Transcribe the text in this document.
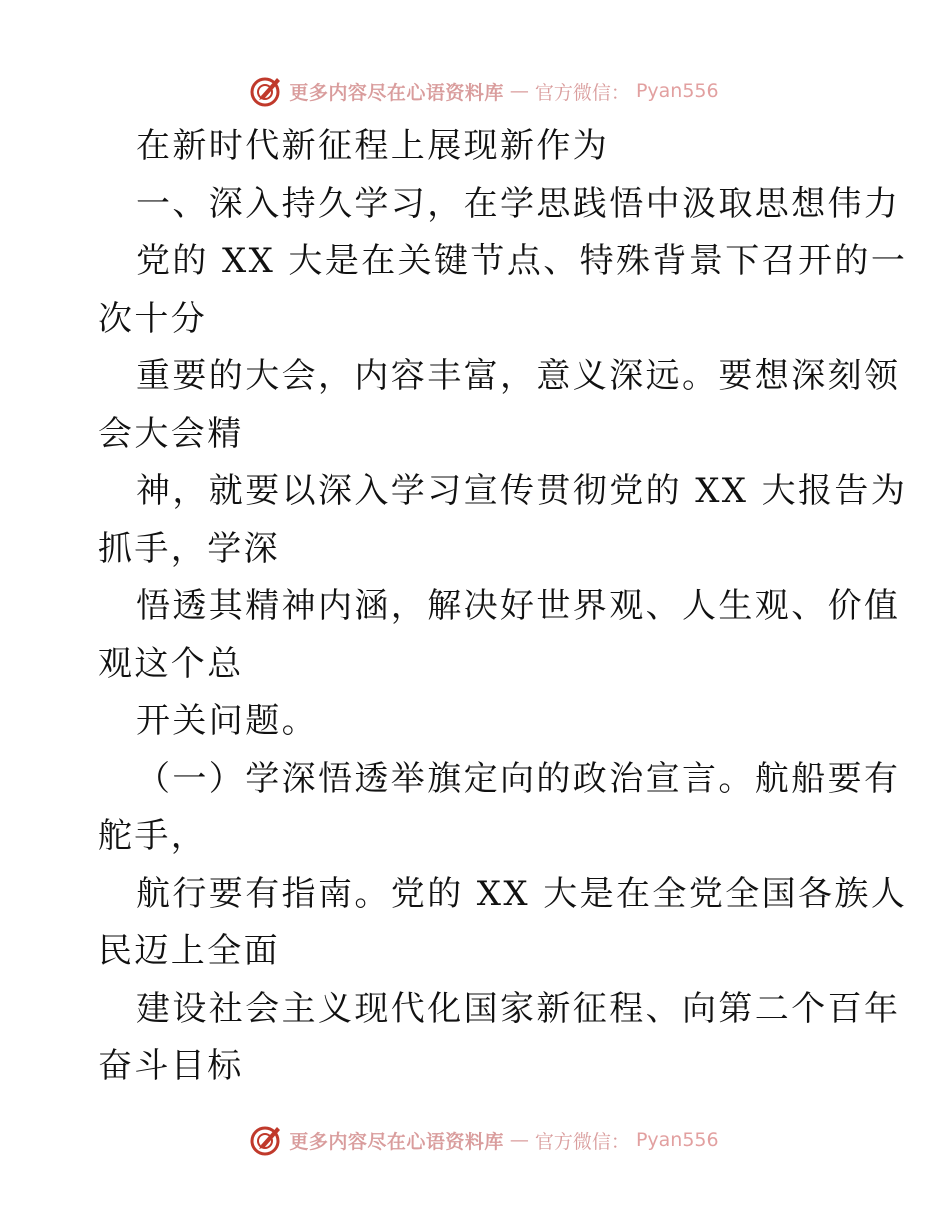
更多内容尽在心语资料库 — 官方微信： Pyan556
在新时代新征程上展现新作为
一、深入持久学习，在学思践悟中汲取思想伟力
党的 XX 大是在关键节点、特殊背景下召开的一
次十分
重要的大会，内容丰富，意义深远。要想深刻领
会大会精
神，就要以深入学习宣传贯彻党的 XX 大报告为
抓手，学深
悟透其精神内涵，解决好世界观、人生观、价值
观这个总
开关问题。
（一）学深悟透举旗定向的政治宣言。航船要有
舵手，
航行要有指南。党的 XX 大是在全党全国各族人
民迈上全面
建设社会主义现代化国家新征程、向第二个百年
奋斗目标
更多内容尽在心语资料库 — 官方微信： Pyan556
